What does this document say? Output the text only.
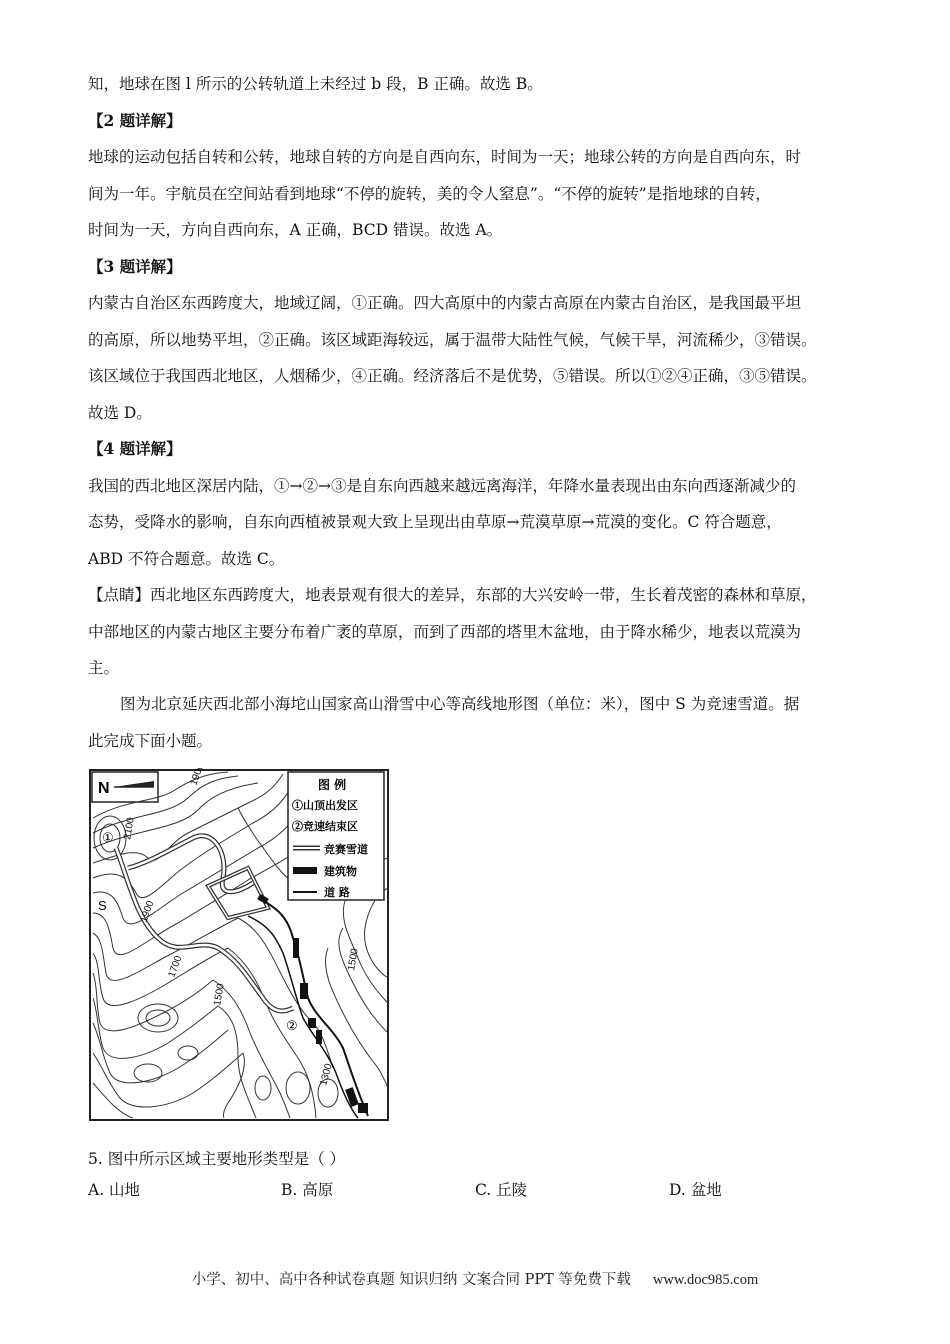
知，地球在图 l 所示的公转轨道上未经过 b 段，B 正确。故选 B。
【2 题详解】
地球的运动包括自转和公转，地球自转的方向是自西向东，时间为一天；地球公转的方向是自西向东，时
间为一年。宇航员在空间站看到地球“不停的旋转，美的令人窒息”。“不停的旋转”是指地球的自转，
时间为一天，方向自西向东，A 正确，BCD 错误。故选 A。
【3 题详解】
内蒙古自治区东西跨度大，地域辽阔，①正确。四大高原中的内蒙古高原在内蒙古自治区，是我国最平坦
的高原，所以地势平坦，②正确。该区域距海较远，属于温带大陆性气候，气候干旱，河流稀少，③错误。
该区域位于我国西北地区，人烟稀少，④正确。经济落后不是优势，⑤错误。所以①②④正确，③⑤错误。
故选 D。
【4 题详解】
我国的西北地区深居内陆，①→②→③是自东向西越来越远离海洋，年降水量表现出由东向西逐渐减少的
态势，受降水的影响，自东向西植被景观大致上呈现出由草原→荒漠草原→荒漠的变化。C 符合题意，
ABD 不符合题意。故选 C。
【点睛】西北地区东西跨度大，地表景观有很大的差异，东部的大兴安岭一带，生长着茂密的森林和草原，
中部地区的内蒙古地区主要分布着广袤的草原，而到了西部的塔里木盆地，由于降水稀少，地表以荒漠为
主。
图为北京延庆西北部小海坨山国家高山滑雪中心等高线地形图（单位：米），图中 S 为竞速雪道。据
此完成下面小题。
N	图 例
①山顶出发区
②竞速结束区
竞赛雪道
建筑物
道 路
1900
2100
1900
1700
1500
1500
1300
S
①
②
5. 图中所示区域主要地形类型是（ ）
A. 山地	B. 高原	C. 丘陵	D. 盆地
小学、初中、高中各种试卷真题 知识归纳 文案合同 PPT 等免费下载 www.doc985.com
